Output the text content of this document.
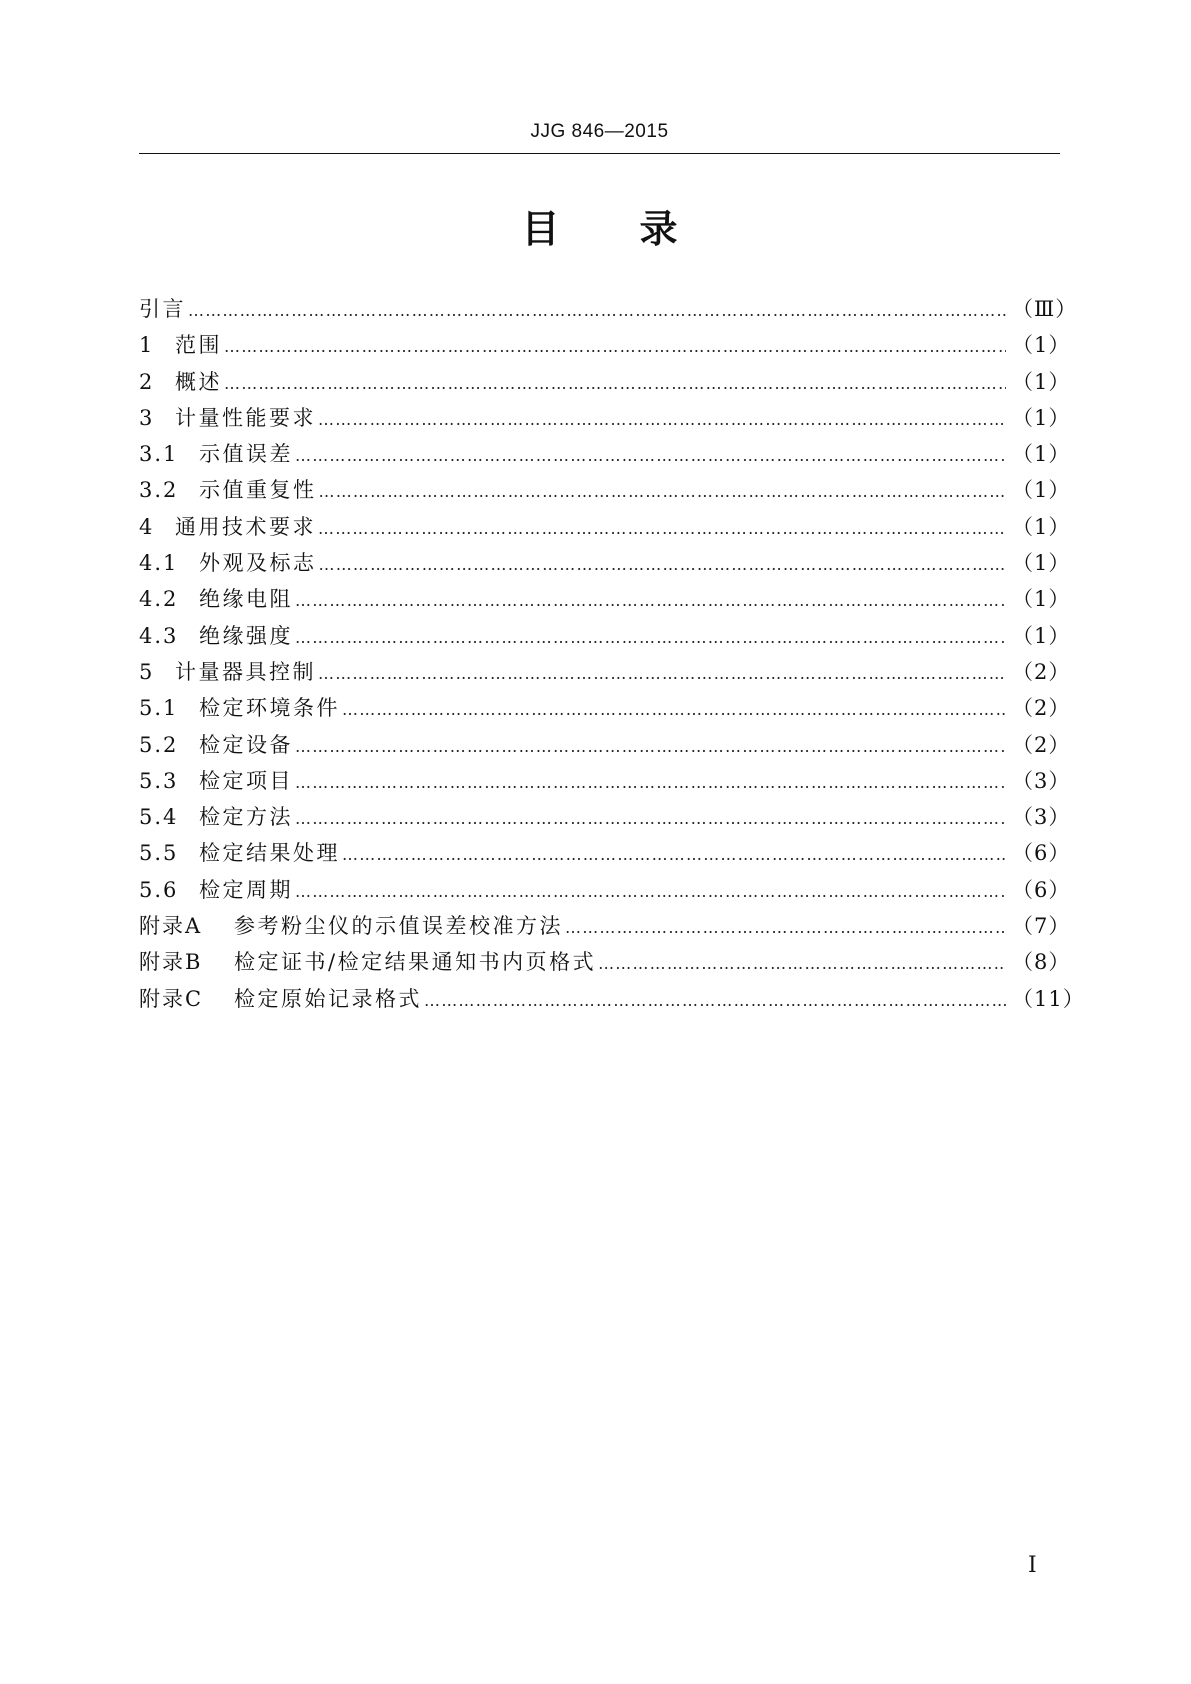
JJG 846—2015
目录
引言 ……………………………………………………………………………………………………………………………………………………………………………………………………………	（Ⅲ）
1 范围 ……………………………………………………………………………………………………………………………………………………………………………………………………………	（1）
2 概述 ……………………………………………………………………………………………………………………………………………………………………………………………………………	（1）
3 计量性能要求 ……………………………………………………………………………………………………………………………………………………………………………………………………………	（1）
3.1 示值误差 ……………………………………………………………………………………………………………………………………………………………………………………………………………	（1）
3.2 示值重复性 ……………………………………………………………………………………………………………………………………………………………………………………………………………	（1）
4 通用技术要求 ……………………………………………………………………………………………………………………………………………………………………………………………………………	（1）
4.1 外观及标志 ……………………………………………………………………………………………………………………………………………………………………………………………………………	（1）
4.2 绝缘电阻 ……………………………………………………………………………………………………………………………………………………………………………………………………………	（1）
4.3 绝缘强度 ……………………………………………………………………………………………………………………………………………………………………………………………………………	（1）
5 计量器具控制 ……………………………………………………………………………………………………………………………………………………………………………………………………………	（2）
5.1 检定环境条件 ……………………………………………………………………………………………………………………………………………………………………………………………………………	（2）
5.2 检定设备 ……………………………………………………………………………………………………………………………………………………………………………………………………………	（2）
5.3 检定项目 ……………………………………………………………………………………………………………………………………………………………………………………………………………	（3）
5.4 检定方法 ……………………………………………………………………………………………………………………………………………………………………………………………………………	（3）
5.5 检定结果处理 ……………………………………………………………………………………………………………………………………………………………………………………………………………	（6）
5.6 检定周期 ……………………………………………………………………………………………………………………………………………………………………………………………………………	（6）
附录A	参考粉尘仪的示值误差校准方法 ……………………………………………………………………………………………………………………………………………………………………………………………………………	（7）
附录B	检定证书/检定结果通知书内页格式 ……………………………………………………………………………………………………………………………………………………………………………………………………………	（8）
附录C	检定原始记录格式 ……………………………………………………………………………………………………………………………………………………………………………………………………………	（11）
I
